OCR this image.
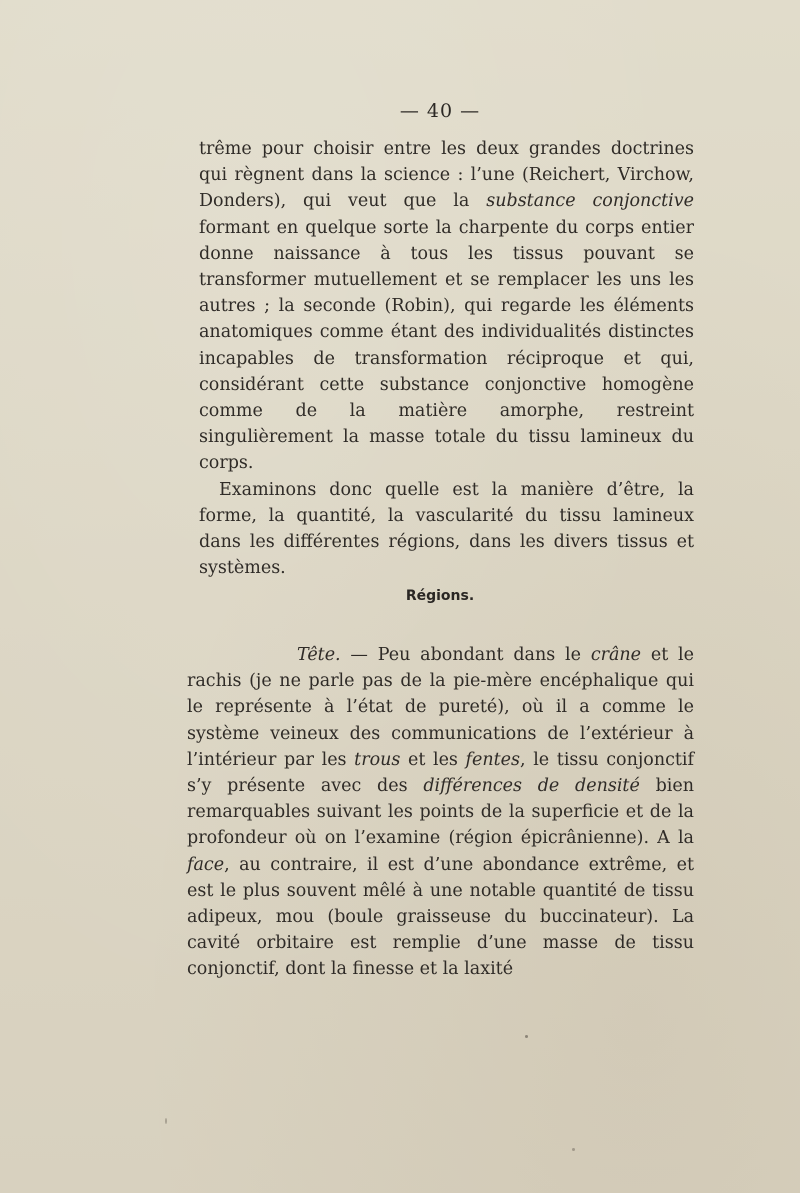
— 40 —

trême pour choisir entre les deux grandes doctrines qui règnent dans la science : l’une (Reichert, Virchow, Donders), qui veut que la substance conjonctive formant en quelque sorte la charpente du corps entier donne naissance à tous les tissus pouvant se transformer mutuellement et se remplacer les uns les autres ; la seconde (Robin), qui regarde les éléments anatomiques comme étant des individualités distinctes incapables de transformation réciproque et qui, considérant cette substance conjonctive homogène comme de la matière amorphe, restreint singulièrement la masse totale du tissu lamineux du corps.

Examinons donc quelle est la manière d’être, la forme, la quantité, la vascularité du tissu lamineux dans les différentes régions, dans les divers tissus et systèmes.

Régions.

Tête. — Peu abondant dans le crâne et le rachis (je ne parle pas de la pie-mère encéphalique qui le représente à l’état de pureté), où il a comme le système veineux des communications de l’extérieur à l’intérieur par les trous et les fentes, le tissu conjonctif s’y présente avec des différences de densité bien remarquables suivant les points de la superficie et de la profondeur où on l’examine (région épicrânienne). A la face, au contraire, il est d’une abondance extrême, et est le plus souvent mêlé à une notable quantité de tissu adipeux, mou (boule graisseuse du buccinateur). La cavité orbitaire est remplie d’une masse de tissu conjonctif, dont la finesse et la laxité
